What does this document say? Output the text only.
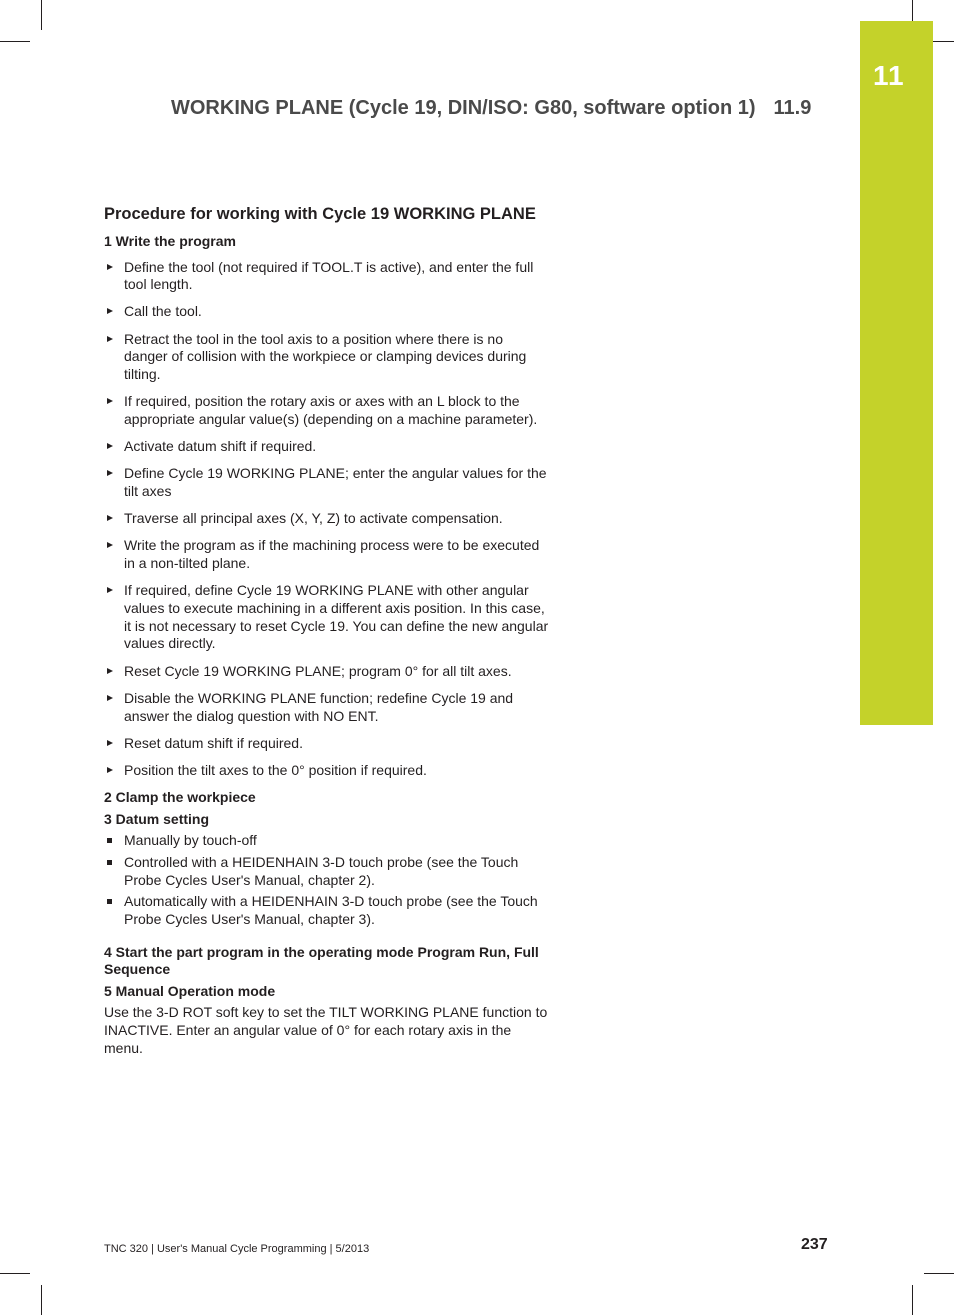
11
WORKING PLANE (Cycle 19, DIN/ISO: G80, software option 1) 11.9

Procedure for working with Cycle 19 WORKING PLANE

1 Write the program

Define the tool (not required if TOOL.T is active), and enter the full tool length.
Call the tool.
Retract the tool in the tool axis to a position where there is no danger of collision with the workpiece or clamping devices during tilting.
If required, position the rotary axis or axes with an L block to the appropriate angular value(s) (depending on a machine parameter).
Activate datum shift if required.
Define Cycle 19 WORKING PLANE; enter the angular values for the tilt axes
Traverse all principal axes (X, Y, Z) to activate compensation.
Write the program as if the machining process were to be executed in a non-tilted plane.
If required, define Cycle 19 WORKING PLANE with other angular values to execute machining in a different axis position. In this case, it is not necessary to reset Cycle 19. You can define the new angular values directly.
Reset Cycle 19 WORKING PLANE; program 0° for all tilt axes.
Disable the WORKING PLANE function; redefine Cycle 19 and answer the dialog question with NO ENT.
Reset datum shift if required.
Position the tilt axes to the 0° position if required.

2 Clamp the workpiece

3 Datum setting

Manually by touch-off
Controlled with a HEIDENHAIN 3-D touch probe (see the Touch Probe Cycles User's Manual, chapter 2).
Automatically with a HEIDENHAIN 3-D touch probe (see the Touch Probe Cycles User's Manual, chapter 3).

4 Start the part program in the operating mode Program Run, Full Sequence

5 Manual Operation mode

Use the 3-D ROT soft key to set the TILT WORKING PLANE function to INACTIVE. Enter an angular value of 0° for each rotary axis in the menu.

TNC 320 | User's Manual Cycle Programming | 5/2013	237
